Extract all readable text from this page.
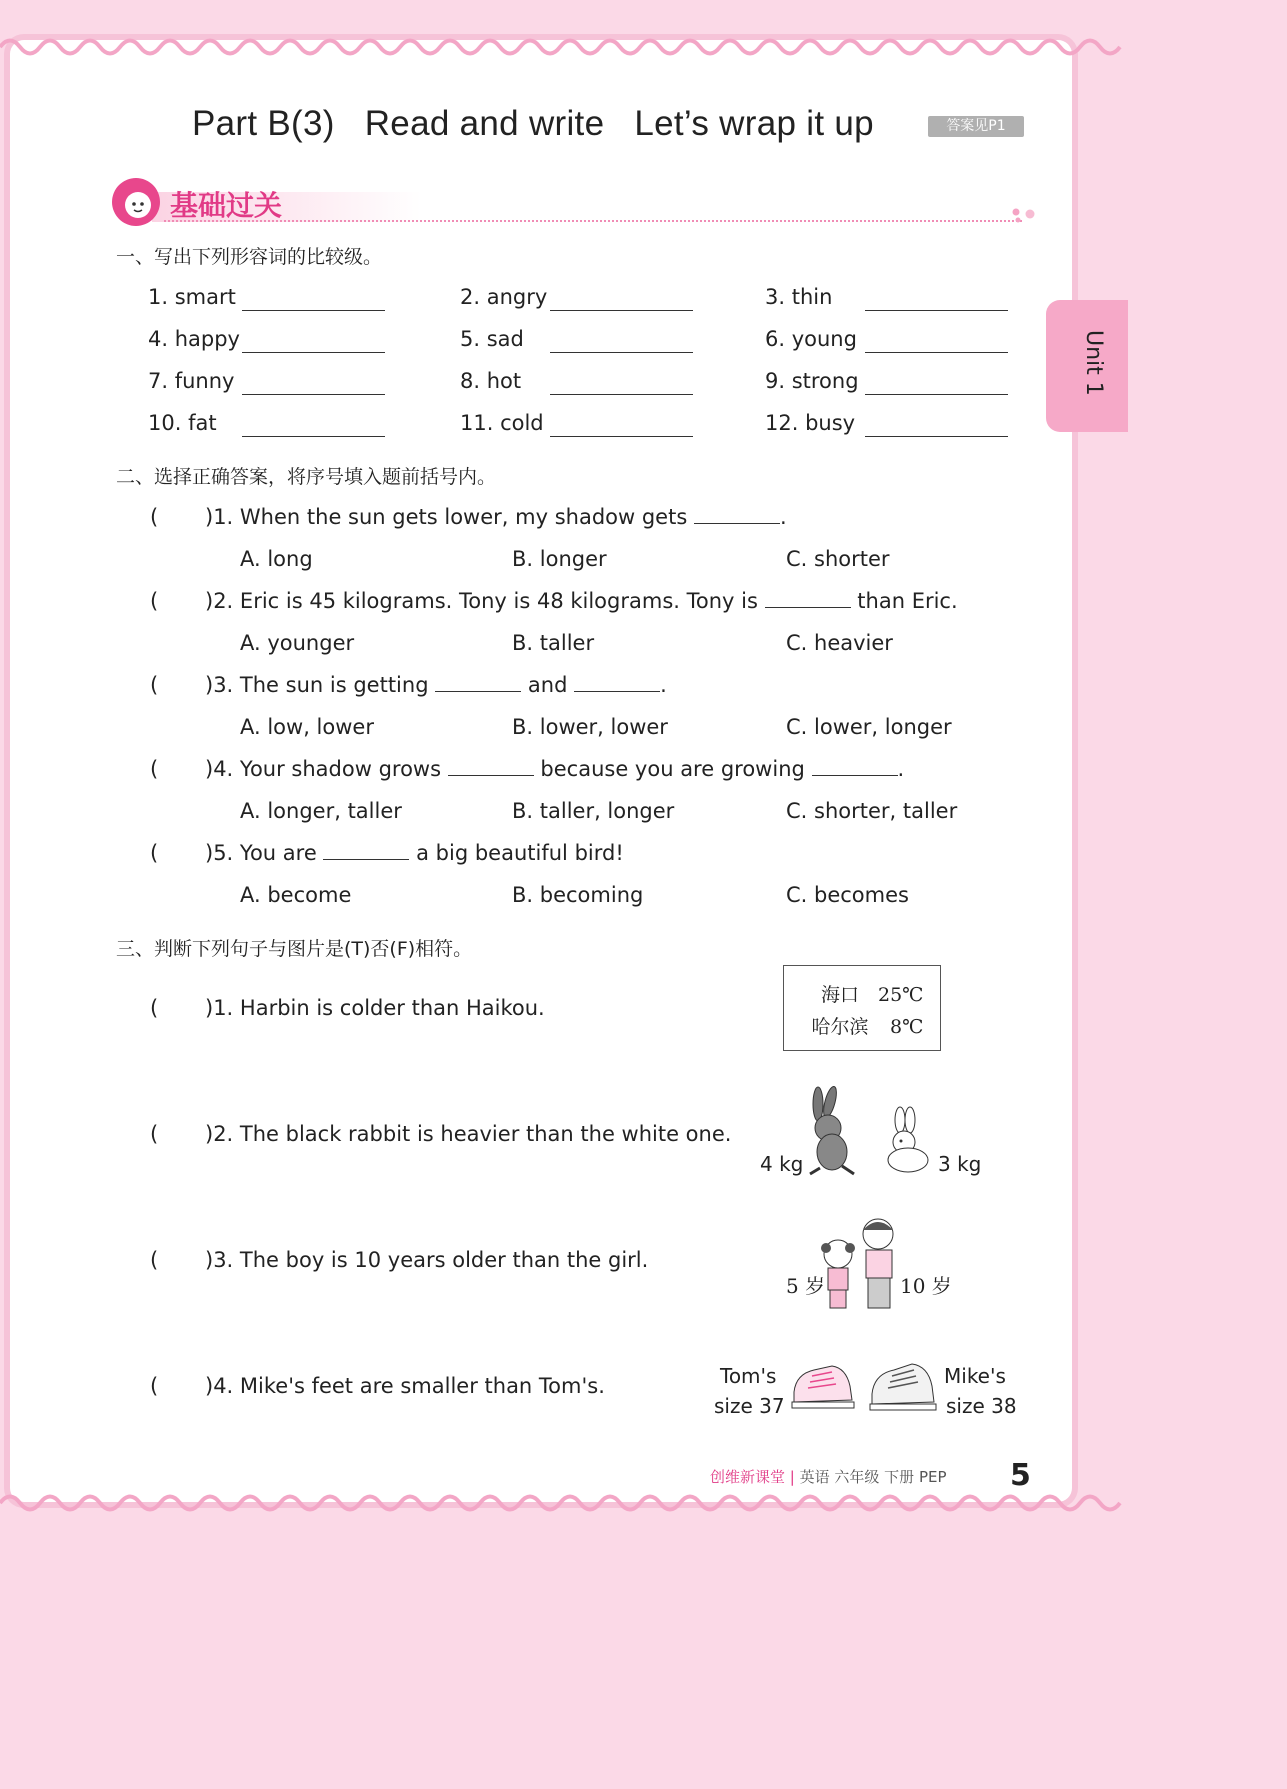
Part B(3) Read and write Let’s wrap it up	答案见P1
基础过关
Unit 1
一、写出下列形容词的比较级。
1. smart	2. angry	3. thin
4. happy	5. sad	6. young
7. funny	8. hot	9. strong
10. fat	11. cold	12. busy
二、选择正确答案，将序号填入题前括号内。
( )1. When the sun gets lower, my shadow gets	.
A. long	B. longer	C. shorter
( )2. Eric is 45 kilograms. Tony is 48 kilograms. Tony is	than Eric.
A. younger	B. taller	C. heavier
( )3. The sun is getting	and	.
A. low, lower	B. lower, lower	C. lower, longer
( )4. Your shadow grows	because you are growing	.
A. longer, taller	B. taller, longer	C. shorter, taller
( )5. You are	a big beautiful bird!
A. become	B. becoming	C. becomes
三、判断下列句子与图片是(T)否(F)相符。
( )1. Harbin is colder than Haikou.
海口 25℃
哈尔滨 8℃
( )2. The black rabbit is heavier than the white one.
4 kg	3 kg
( )3. The boy is 10 years older than the girl.
5 岁	10 岁
( )4. Mike's feet are smaller than Tom's.	Tom's
size 37
Mike's
size 38
创维新课堂 | 英语 六年级 下册 PEP 5
